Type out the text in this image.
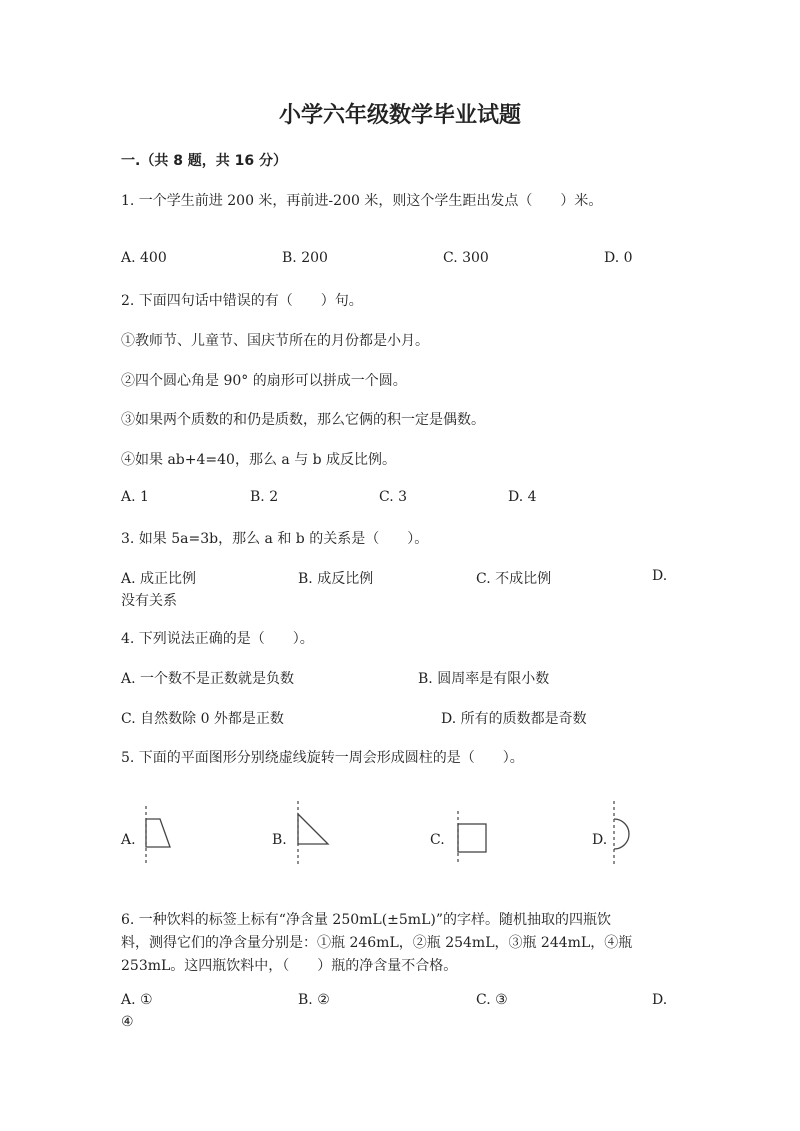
小学六年级数学毕业试题
一.（共 8 题，共 16 分）
1. 一个学生前进 200 米，再前进-200 米，则这个学生距出发点（　　）米。
A. 400	B. 200	C. 300	D. 0
2. 下面四句话中错误的有（　　）句。
①教师节、儿童节、国庆节所在的月份都是小月。
②四个圆心角是 90° 的扇形可以拼成一个圆。
③如果两个质数的和仍是质数，那么它俩的积一定是偶数。
④如果 ab+4=40，那么 a 与 b 成反比例。
A. 1	B. 2	C. 3	D. 4
3. 如果 5a=3b，那么 a 和 b 的关系是（　　）。
A. 成正比例	B. 成反比例	C. 不成比例	D.
没有关系
4. 下列说法正确的是（　　）。
A. 一个数不是正数就是负数	B. 圆周率是有限小数
C. 自然数除 0 外都是正数	D. 所有的质数都是奇数
5. 下面的平面图形分别绕虚线旋转一周会形成圆柱的是（　　）。
A.	B.	C.	D.
6. 一种饮料的标签上标有“净含量 250mL(±5mL)”的字样。随机抽取的四瓶饮
料，测得它们的净含量分别是：①瓶 246mL，②瓶 254mL，③瓶 244mL，④瓶
253mL。这四瓶饮料中，（　　）瓶的净含量不合格。
A. ①	B. ②	C. ③	D.
④
